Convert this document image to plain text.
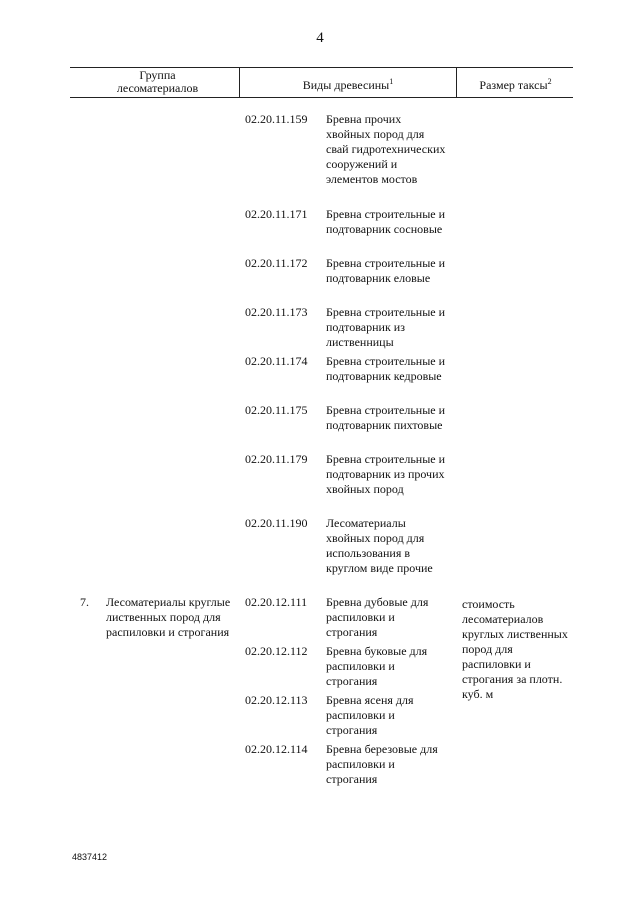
4
Группа лесоматериалов	Виды древесины$^1$	Размер таксы$^2$
02.20.11.159 Бревна прочих хвойных пород для свай гидротехнических сооружений и элементов мостов
02.20.11.171 Бревна строительные и подтоварник сосновые
02.20.11.172 Бревна строительные и подтоварник еловые
02.20.11.173 Бревна строительные и подтоварник из лиственницы
02.20.11.174 Бревна строительные и подтоварник кедровые
02.20.11.175 Бревна строительные и подтоварник пихтовые
02.20.11.179 Бревна строительные и подтоварник из прочих хвойных пород
02.20.11.190 Лесоматериалы хвойных пород для использования в круглом виде прочие
7. Лесоматериалы круглые лиственных пород для распиловки и строгания
стоимость лесоматериалов круглых лиственных пород для распиловки и строгания за плотн. куб. м
02.20.12.111 Бревна дубовые для распиловки и строгания
02.20.12.112 Бревна буковые для распиловки и строгания
02.20.12.113 Бревна ясеня для распиловки и строгания
02.20.12.114 Бревна березовые для распиловки и строгания
4837412
